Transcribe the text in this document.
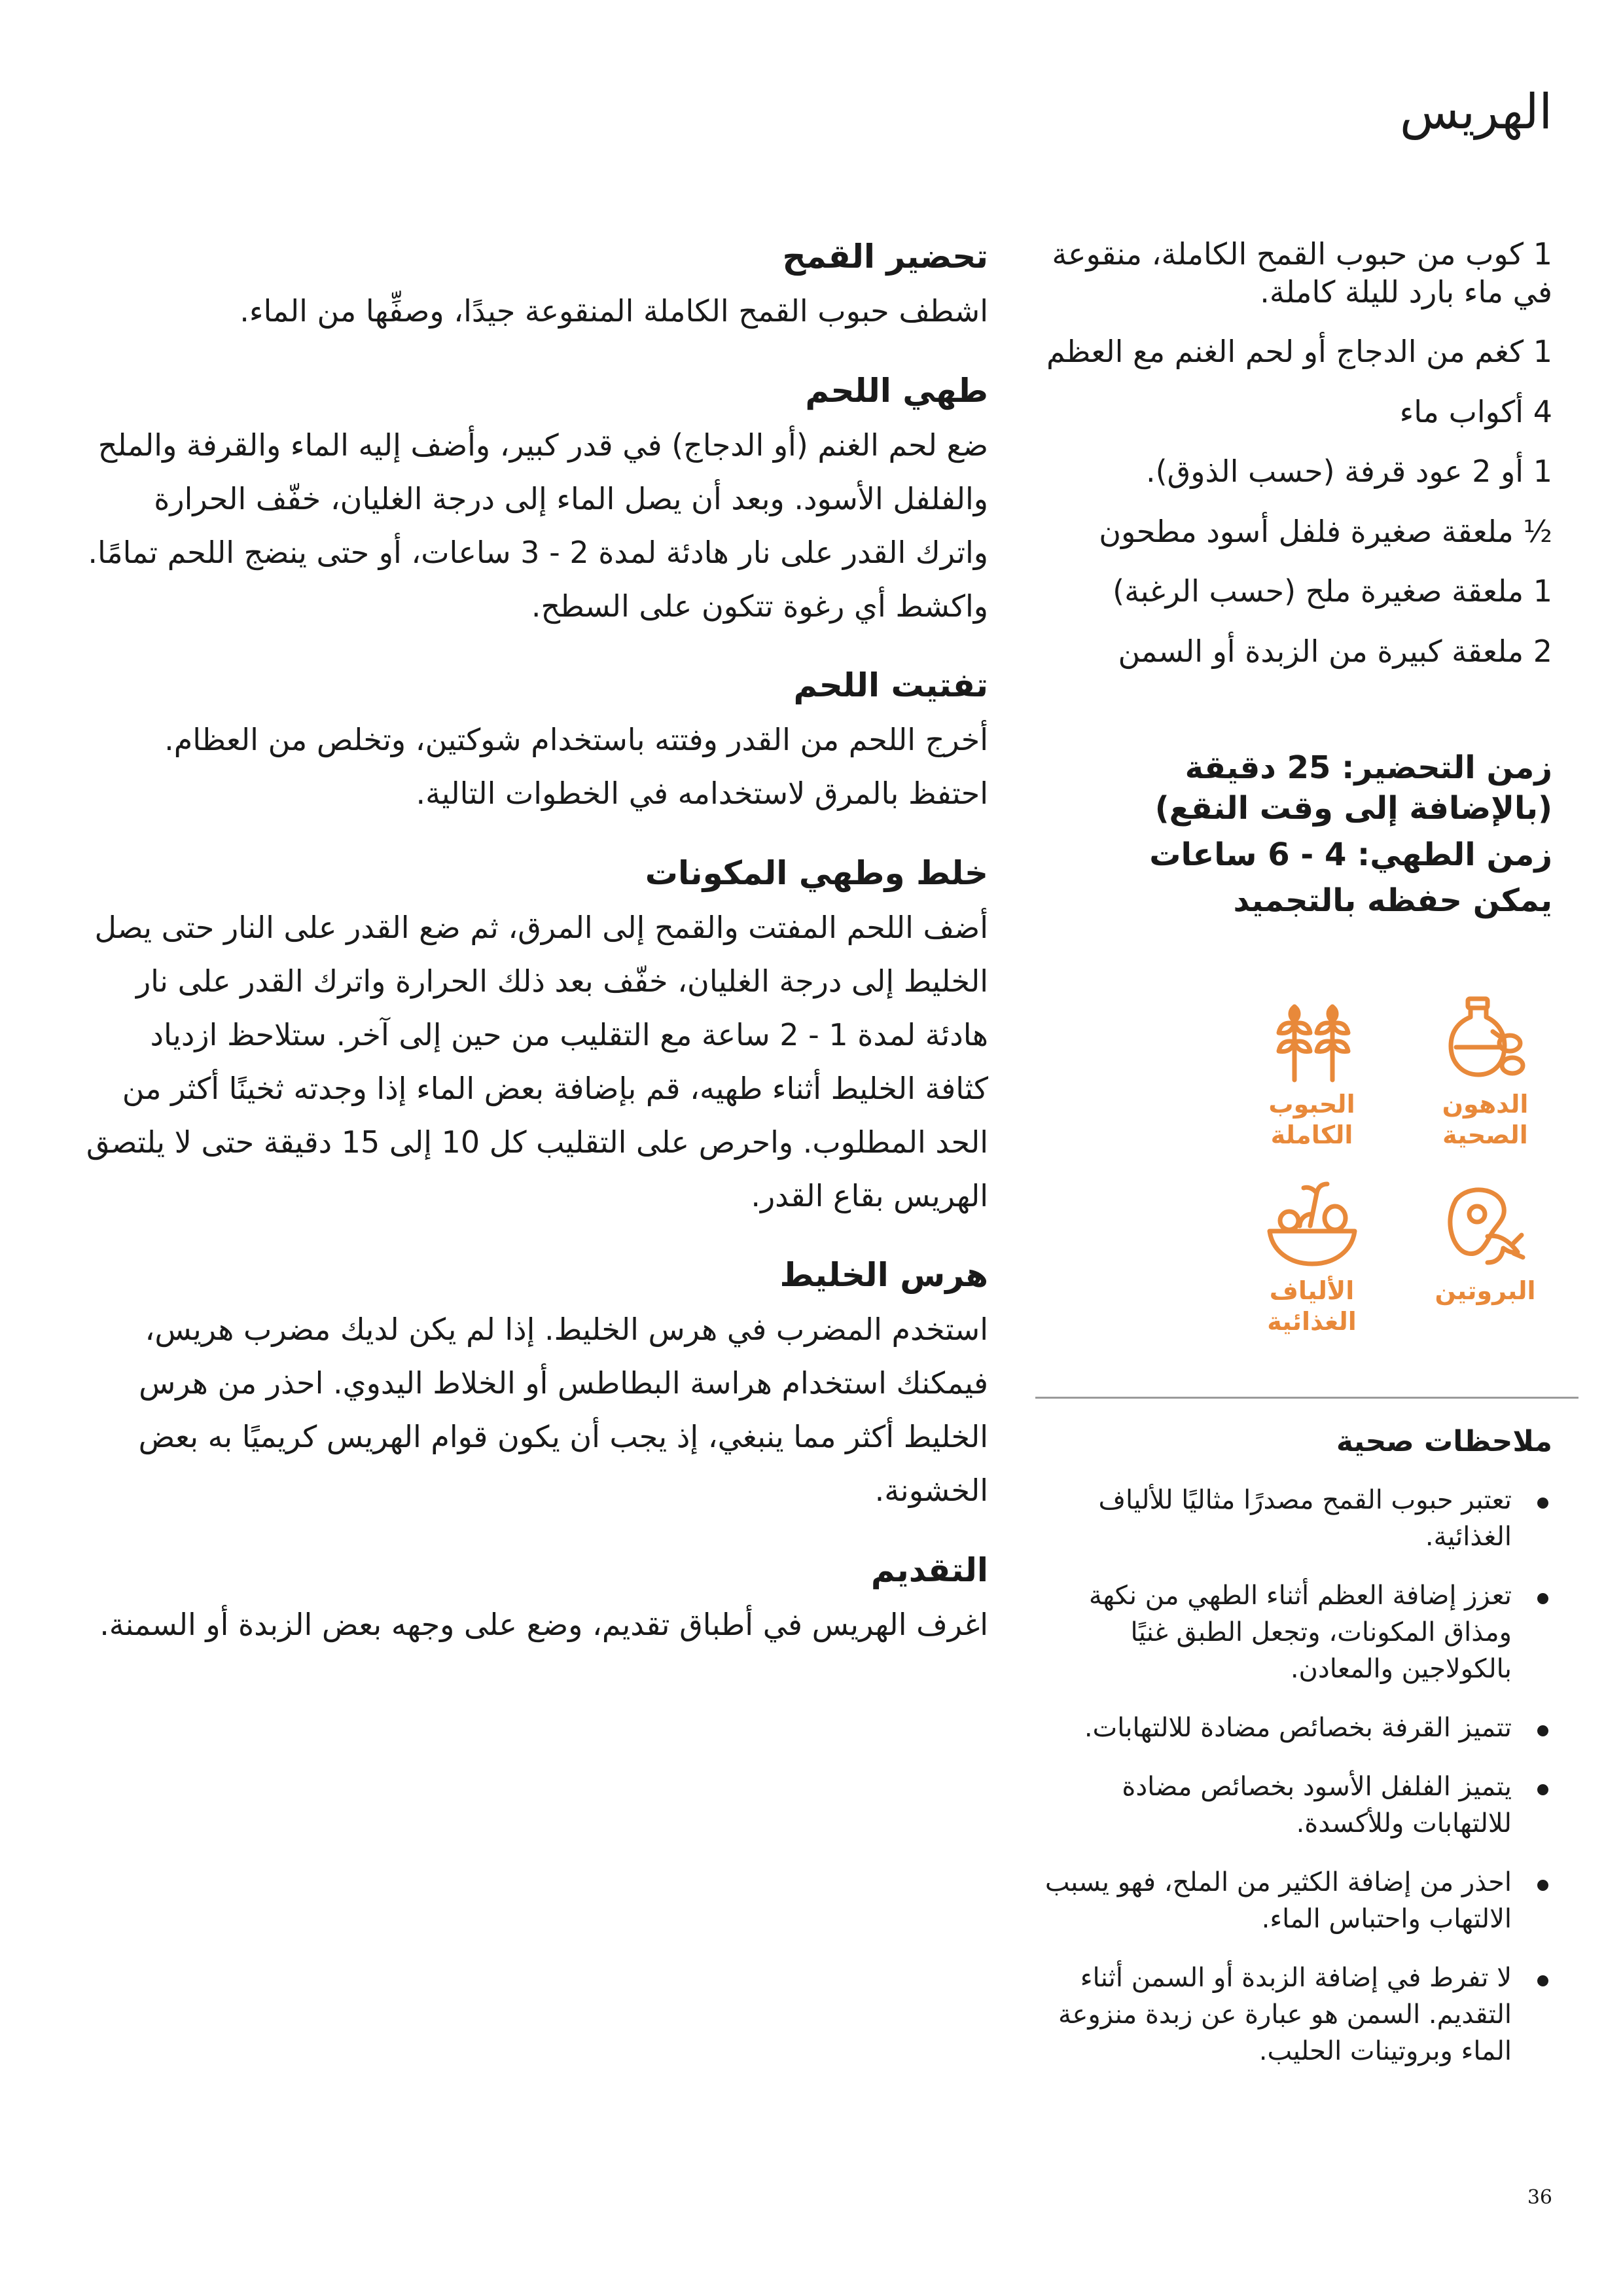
الهريس
1 كوب من حبوب القمح الكاملة، منقوعة في ماء بارد لليلة كاملة.
1 كغم من الدجاج أو لحم الغنم مع العظم
4 أكواب ماء
1 أو 2 عود قرفة (حسب الذوق).
½ ملعقة صغيرة فلفل أسود مطحون
1 ملعقة صغيرة ملح (حسب الرغبة)
2 ملعقة كبيرة من الزبدة أو السمن

زمن التحضير: 25 دقيقة (بالإضافة إلى وقت النقع)

زمن الطهي: 4 - 6 ساعات

يمكن حفظه بالتجميد

الدهون الصحية
الحبوب الكاملة
البروتين
الألياف الغذائية
ملاحظات صحية
تعتبر حبوب القمح مصدرًا مثاليًا للألياف الغذائية.
تعزز إضافة العظم أثناء الطهي من نكهة ومذاق المكونات، وتجعل الطبق غنيًا بالكولاجين والمعادن.
تتميز القرفة بخصائص مضادة للالتهابات.
يتميز الفلفل الأسود بخصائص مضادة للالتهابات وللأكسدة.
احذر من إضافة الكثير من الملح، فهو يسبب الالتهاب واحتباس الماء.
لا تفرط في إضافة الزبدة أو السمن أثناء التقديم. السمن هو عبارة عن زبدة منزوعة الماء وبروتينات الحليب.
تحضير القمح

اشطف حبوب القمح الكاملة المنقوعة جيدًا، وصفِّها من الماء.

طهي اللحم

ضع لحم الغنم (أو الدجاج) في قدر كبير، وأضف إليه الماء والقرفة والملح والفلفل الأسود. وبعد أن يصل الماء إلى درجة الغليان، خفّف الحرارة واترك القدر على نار هادئة لمدة 2 - 3 ساعات، أو حتى ينضج اللحم تمامًا. واكشط أي رغوة تتكون على السطح.

تفتيت اللحم

أخرج اللحم من القدر وفتته باستخدام شوكتين، وتخلص من العظام. احتفظ بالمرق لاستخدامه في الخطوات التالية.

خلط وطهي المكونات

أضف اللحم المفتت والقمح إلى المرق، ثم ضع القدر على النار حتى يصل الخليط إلى درجة الغليان، خفّف بعد ذلك الحرارة واترك القدر على نار هادئة لمدة 1 - 2 ساعة مع التقليب من حين إلى آخر. ستلاحظ ازدياد كثافة الخليط أثناء طهيه، قم بإضافة بعض الماء إذا وجدته ثخينًا أكثر من الحد المطلوب. واحرص على التقليب كل 10 إلى 15 دقيقة حتى لا يلتصق الهريس بقاع القدر.

هرس الخليط

استخدم المضرب في هرس الخليط. إذا لم يكن لديك مضرب هريس، فيمكنك استخدام هراسة البطاطس أو الخلاط اليدوي. احذر من هرس الخليط أكثر مما ينبغي، إذ يجب أن يكون قوام الهريس كريميًا به بعض الخشونة.

التقديم

اغرف الهريس في أطباق تقديم، وضع على وجهه بعض الزبدة أو السمنة.

36
